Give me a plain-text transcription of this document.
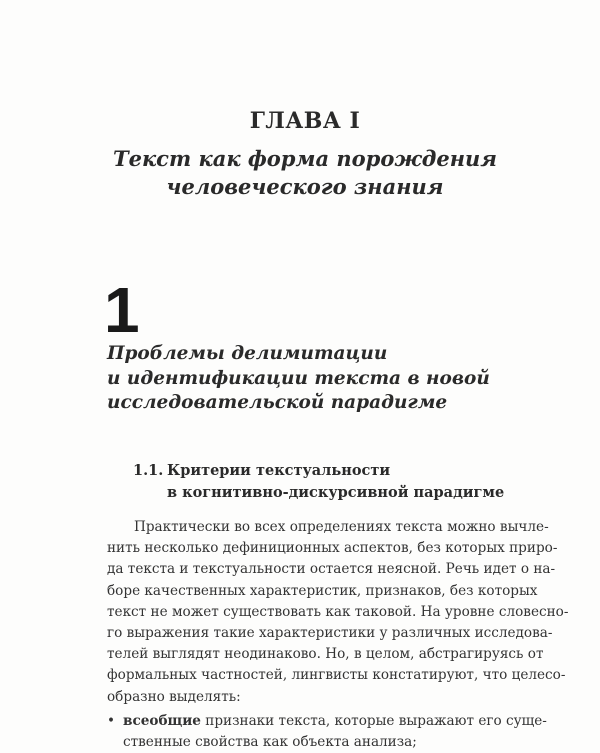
ГЛАВА I
Текст как форма порождения
человеческого знания
1
Проблемы делимитации
и идентификации текста в новой
исследовательской парадигме
1.1. Критерии текстуальности
в когнитивно-дискурсивной парадигме
Практически во всех определениях текста можно вычле-
нить несколько дефиниционных аспектов, без которых приро-
да текста и текстуальности остается неясной. Речь идет о на-
боре качественных характеристик, признаков, без которых
текст не может существовать как таковой. На уровне словесно-
го выражения такие характеристики у различных исследова-
телей выглядят неодинаково. Но, в целом, абстрагируясь от
формальных частностей, лингвисты констатируют, что целесо-
образно выделять:
• всеобщие признаки текста, которые выражают его суще-
ственные свойства как объекта анализа;
